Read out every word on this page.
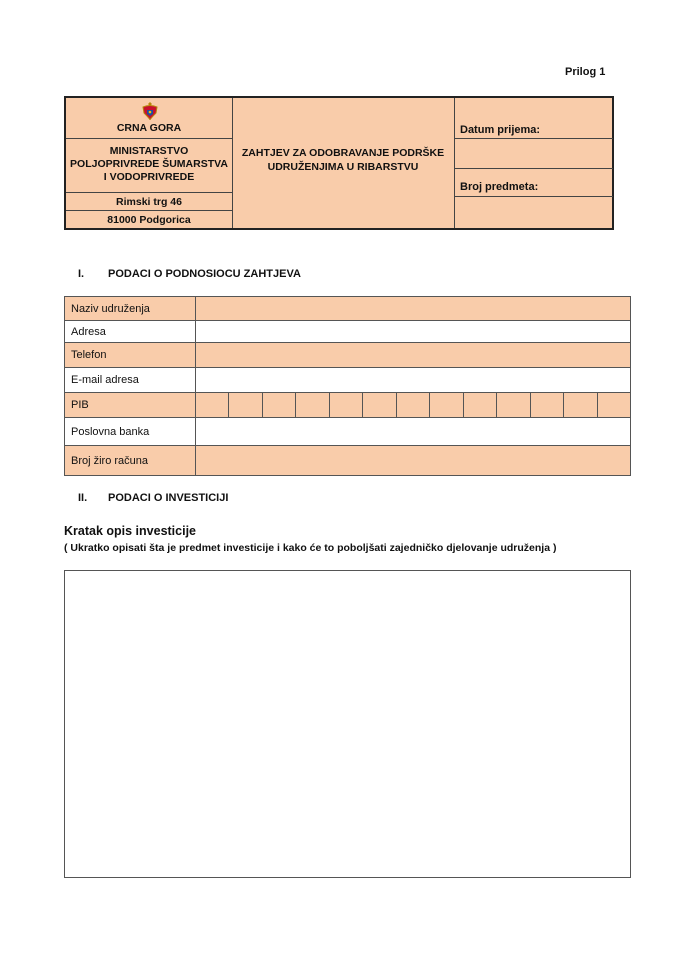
Prilog 1
CRNA GORA
MINISTARSTVO
POLJOPRIVREDE ŠUMARSTVA
I VODOPRIVREDE
Rimski trg 46
81000 Podgorica
ZAHTJEV ZA ODOBRAVANJE PODRŠKE
UDRUŽENJIMA U RIBARSTVU
Datum prijema:
Broj predmeta:
I. PODACI O PODNOSIOCU ZAHTJEVA
Naziv udruženja
Adresa
Telefon
E-mail adresa
PIB
Poslovna banka
Broj žiro računa
II. PODACI O INVESTICIJI
Kratak opis investicije
( Ukratko opisati šta je predmet investicije i kako će to poboljšati zajedničko djelovanje udruženja )
